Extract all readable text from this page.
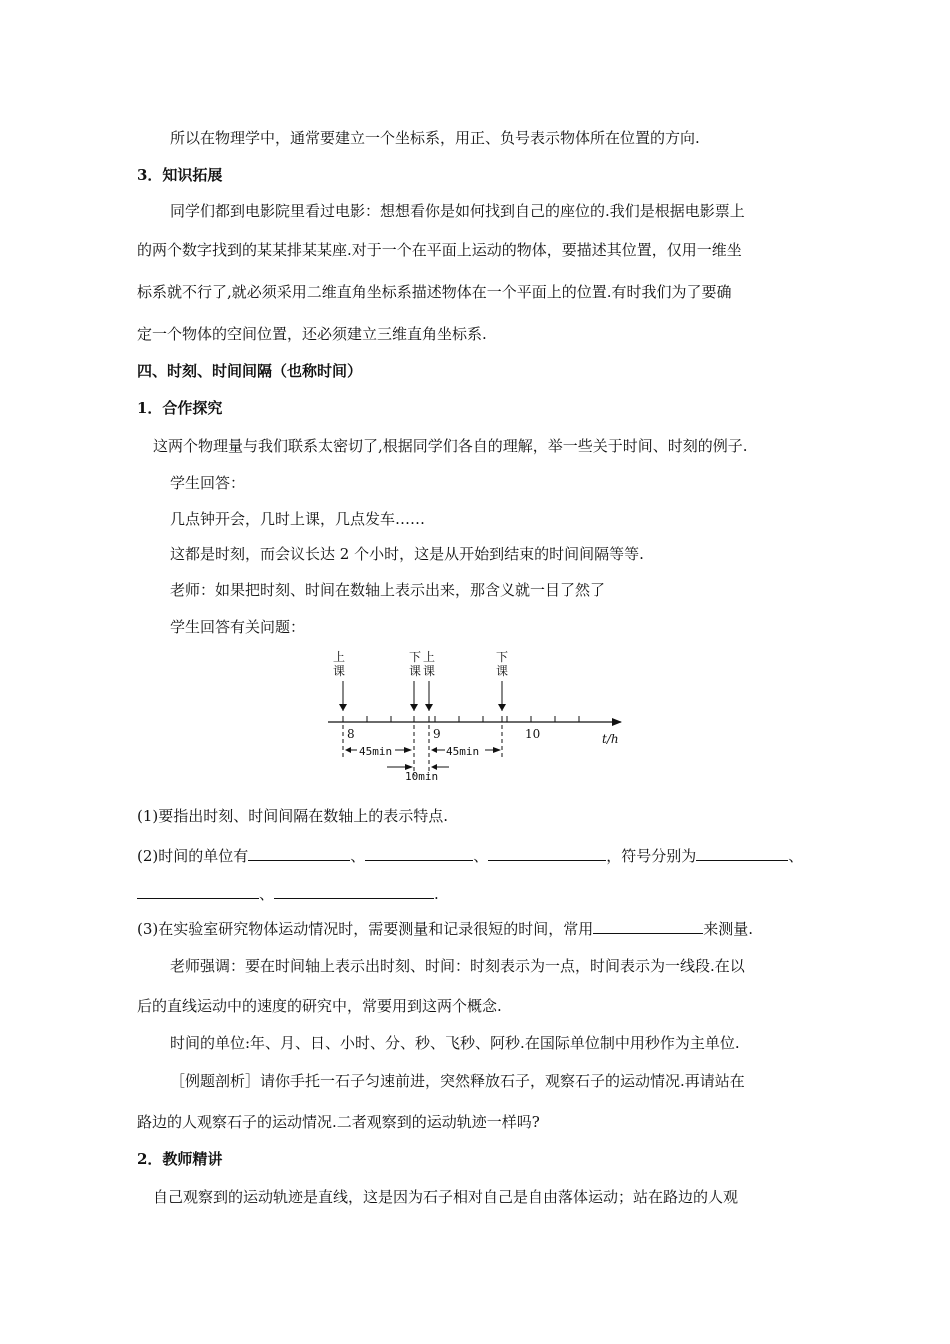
所以在物理学中，通常要建立一个坐标系，用正、负号表示物体所在位置的方向.
3．知识拓展
同学们都到电影院里看过电影：想想看你是如何找到自己的座位的.我们是根据电影票上
的两个数字找到的某某排某某座.对于一个在平面上运动的物体，要描述其位置，仅用一维坐
标系就不行了,就必须采用二维直角坐标系描述物体在一个平面上的位置.有时我们为了要确
定一个物体的空间位置，还必须建立三维直角坐标系.
四、时刻、时间间隔（也称时间）
1．合作探究
这两个物理量与我们联系太密切了,根据同学们各自的理解，举一些关于时间、时刻的例子.
学生回答：
几点钟开会，几时上课，几点发车……
这都是时刻，而会议长达 2 个小时，这是从开始到结束的时间间隔等等.
老师：如果把时刻、时间在数轴上表示出来，那含义就一目了然了
学生回答有关问题：
上
课
下
课
上
课
下
课
8	9	10	t/h
45min	45min
10min
(1)要指出时刻、时间间隔在数轴上的表示特点.
(2)时间的单位有	、	、	，符号分别为	、
、	.
(3)在实验室研究物体运动情况时，需要测量和记录很短的时间，常用	来测量.
老师强调：要在时间轴上表示出时刻、时间：时刻表示为一点，时间表示为一线段.在以
后的直线运动中的速度的研究中，常要用到这两个概念.
时间的单位:年、月、日、小时、分、秒、飞秒、阿秒.在国际单位制中用秒作为主单位.
［例题剖析］请你手托一石子匀速前进，突然释放石子，观察石子的运动情况.再请站在
路边的人观察石子的运动情况.二者观察到的运动轨迹一样吗?
2．教师精讲
自己观察到的运动轨迹是直线，这是因为石子相对自己是自由落体运动；站在路边的人观
